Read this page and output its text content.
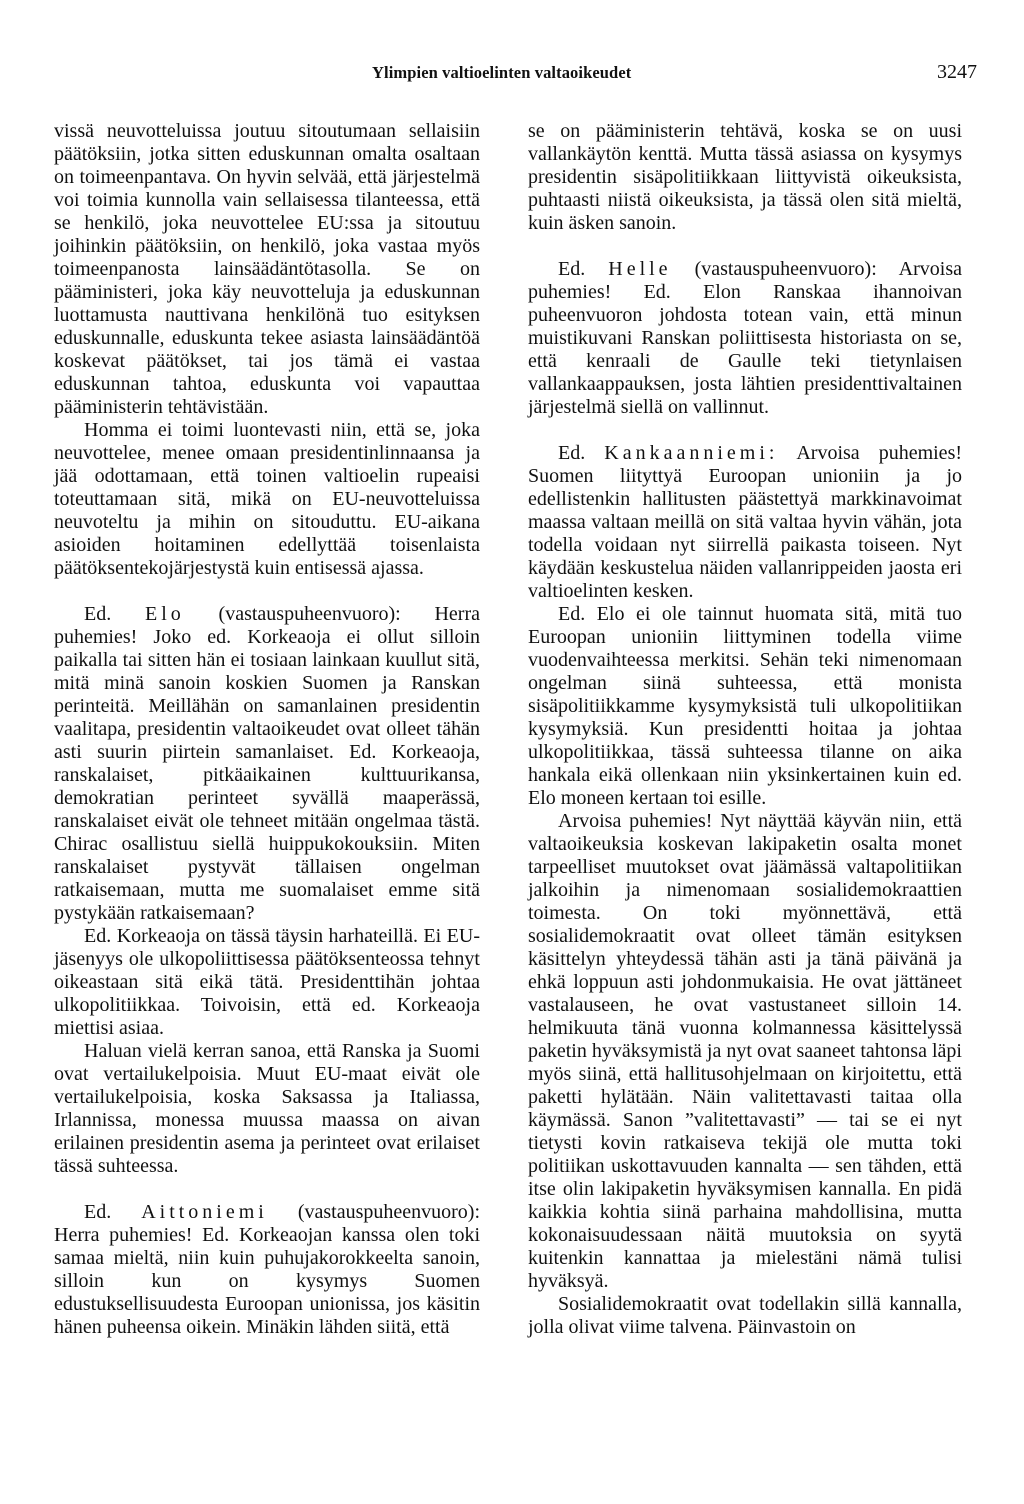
Ylimpien valtioelinten valtaoikeudet	3247

vissä neuvotteluissa joutuu sitoutumaan sellaisiin päätöksiin, jotka sitten eduskunnan omalta osaltaan on toimeenpantava. On hyvin selvää, että järjestelmä voi toimia kunnolla vain sellaisessa tilanteessa, että se henkilö, joka neuvottelee EU:ssa ja sitoutuu joihinkin päätöksiin, on henkilö, joka vastaa myös toimeenpanosta lainsäädäntötasolla. Se on pääministeri, joka käy neuvotteluja ja eduskunnan luottamusta nauttivana henkilönä tuo esityksen eduskunnalle, eduskunta tekee asiasta lainsäädäntöä koskevat päätökset, tai jos tämä ei vastaa eduskunnan tahtoa, eduskunta voi vapauttaa pääministerin tehtävistään.

Homma ei toimi luontevasti niin, että se, joka neuvottelee, menee omaan presidentinlinnaansa ja jää odottamaan, että toinen valtioelin rupeaisi toteuttamaan sitä, mikä on EU-neuvotteluissa neuvoteltu ja mihin on sitouduttu. EU-aikana asioiden hoitaminen edellyttää toisenlaista päätöksentekojärjestystä kuin entisessä ajassa.

Ed. Elo (vastauspuheenvuoro): Herra puhemies! Joko ed. Korkeaoja ei ollut silloin paikalla tai sitten hän ei tosiaan lainkaan kuullut sitä, mitä minä sanoin koskien Suomen ja Ranskan perinteitä. Meillähän on samanlainen presidentin vaalitapa, presidentin valtaoikeudet ovat olleet tähän asti suurin piirtein samanlaiset. Ed. Korkeaoja, ranskalaiset, pitkäaikainen kulttuurikansa, demokratian perinteet syvällä maaperässä, ranskalaiset eivät ole tehneet mitään ongelmaa tästä. Chirac osallistuu siellä huippukokouksiin. Miten ranskalaiset pystyvät tällaisen ongelman ratkaisemaan, mutta me suomalaiset emme sitä pystykään ratkaisemaan?

Ed. Korkeaoja on tässä täysin harhateillä. Ei EU-jäsenyys ole ulkopoliittisessa päätöksenteossa tehnyt oikeastaan sitä eikä tätä. Presidenttihän johtaa ulkopolitiikkaa. Toivoisin, että ed. Korkeaoja miettisi asiaa.

Haluan vielä kerran sanoa, että Ranska ja Suomi ovat vertailukelpoisia. Muut EU-maat eivät ole vertailukelpoisia, koska Saksassa ja Italiassa, Irlannissa, monessa muussa maassa on aivan erilainen presidentin asema ja perinteet ovat erilaiset tässä suhteessa.

Ed. Aittoniemi (vastauspuheenvuoro): Herra puhemies! Ed. Korkeaojan kanssa olen toki samaa mieltä, niin kuin puhujakorokkeelta sanoin, silloin kun on kysymys Suomen edustuksellisuudesta Euroopan unionissa, jos käsitin hänen puheensa oikein. Minäkin lähden siitä, että

se on pääministerin tehtävä, koska se on uusi vallankäytön kenttä. Mutta tässä asiassa on kysymys presidentin sisäpolitiikkaan liittyvistä oikeuksista, puhtaasti niistä oikeuksista, ja tässä olen sitä mieltä, kuin äsken sanoin.

Ed. Helle (vastauspuheenvuoro): Arvoisa puhemies! Ed. Elon Ranskaa ihannoivan puheenvuoron johdosta totean vain, että minun muistikuvani Ranskan poliittisesta historiasta on se, että kenraali de Gaulle teki tietynlaisen vallankaappauksen, josta lähtien presidenttivaltainen järjestelmä siellä on vallinnut.

Ed. Kankaanniemi: Arvoisa puhemies! Suomen liityttyä Euroopan unioniin ja jo edellistenkin hallitusten päästettyä markkinavoimat maassa valtaan meillä on sitä valtaa hyvin vähän, jota todella voidaan nyt siirrellä paikasta toiseen. Nyt käydään keskustelua näiden vallanrippeiden jaosta eri valtioelinten kesken.

Ed. Elo ei ole tainnut huomata sitä, mitä tuo Euroopan unioniin liittyminen todella viime vuodenvaihteessa merkitsi. Sehän teki nimenomaan ongelman siinä suhteessa, että monista sisäpolitiikkamme kysymyksistä tuli ulkopolitiikan kysymyksiä. Kun presidentti hoitaa ja johtaa ulkopolitiikkaa, tässä suhteessa tilanne on aika hankala eikä ollenkaan niin yksinkertainen kuin ed. Elo moneen kertaan toi esille.

Arvoisa puhemies! Nyt näyttää käyvän niin, että valtaoikeuksia koskevan lakipaketin osalta monet tarpeelliset muutokset ovat jäämässä valtapolitiikan jalkoihin ja nimenomaan sosialidemokraattien toimesta. On toki myönnettävä, että sosialidemokraatit ovat olleet tämän esityksen käsittelyn yhteydessä tähän asti ja tänä päivänä ja ehkä loppuun asti johdonmukaisia. He ovat jättäneet vastalauseen, he ovat vastustaneet silloin 14. helmikuuta tänä vuonna kolmannessa käsittelyssä paketin hyväksymistä ja nyt ovat saaneet tahtonsa läpi myös siinä, että hallitusohjelmaan on kirjoitettu, että paketti hylätään. Näin valitettavasti taitaa olla käymässä. Sanon ”valitettavasti” — tai se ei nyt tietysti kovin ratkaiseva tekijä ole mutta toki politiikan uskottavuuden kannalta — sen tähden, että itse olin lakipaketin hyväksymisen kannalla. En pidä kaikkia kohtia siinä parhaina mahdollisina, mutta kokonaisuudessaan näitä muutoksia on syytä kuitenkin kannattaa ja mielestäni nämä tulisi hyväksyä.

Sosialidemokraatit ovat todellakin sillä kannalla, jolla olivat viime talvena. Päinvastoin on
